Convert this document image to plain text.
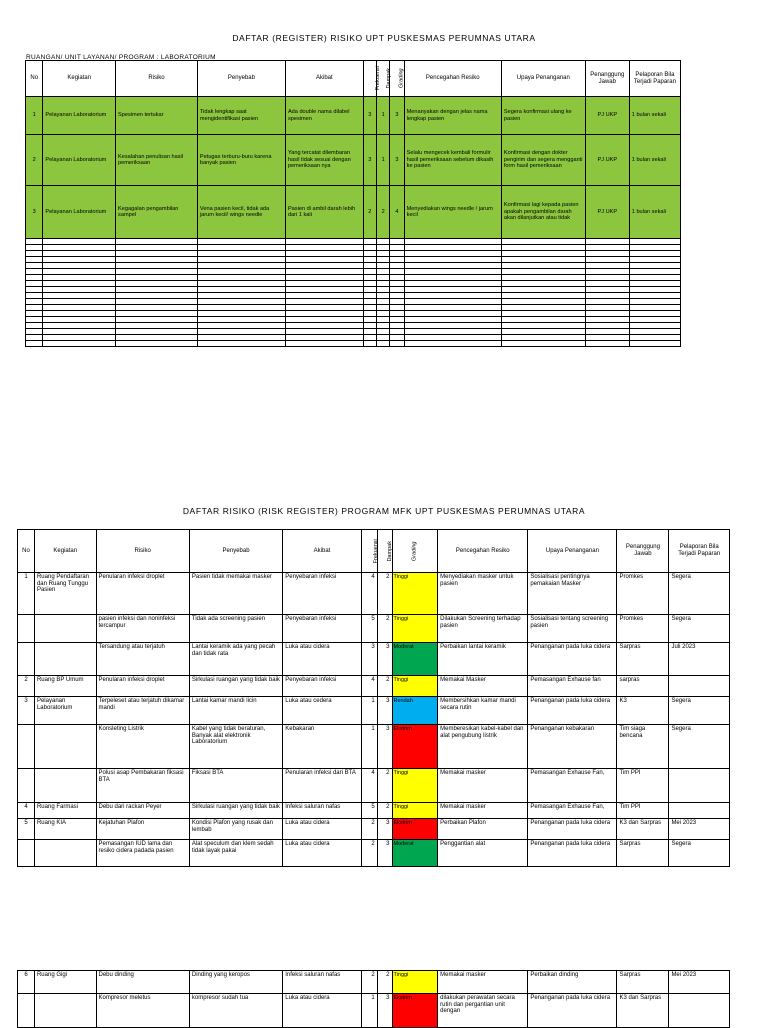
DAFTAR (REGISTER) RISIKO UPT PUSKESMAS PERUMNAS UTARA
RUANGAN/ UNIT LAYANAN/ PROGRAM : LABORATORIUM
No	Kegiatan	Risiko	Penyebab	Akibat	Frekuensi	Dampak	Grading	Pencegahan Resiko	Upaya Penanganan	Penanggung Jawab	Pelaporan Bila Terjadi Paparan
1	Pelayanan Laboratorium	Spesimen tertukar	Tidak lengkap saat mengidentifikasi pasien	Ada double nama dilabel spesimen	3	1	3	Menanyakan dengan jelas nama lengkap pasien	Segera konfirmasi ulang ke pasien	PJ UKP	1 bulan sekali
2	Pelayanan Laboratorium	Kesalahan penulisan hasil pemeriksaan	Petugas terburu-buru karena banyak pasien	Yang tercatat dilembaran hasil tidak sesuai dengan pemeriksaan nya	3	1	3	Selalu mengecek kembali formulir hasil pemeriksaan sebelum dikasih ke pasien	Konfirmasi dengan dokter pengirim dan segera mengganti form hasil pemeriksaan	PJ UKP	1 bulan sekali
3	Pelayanan Laboratorium	Kegagalan pengambilan sampel	Vena pasien kecil, tidak ada jarum kecil/ wings needle	Pasien di ambil darah lebih dari 1 kali	2	2	4	Menyediakan wings needle / jarum kecil	Konfirmasi lagi kepada pasien apakah pengambilan darah akan dilanjutkan atau tidak	PJ UKP	1 bulan sekali

DAFTAR RISIKO (RISK REGISTER) PROGRAM MFK UPT PUSKESMAS PERUMNAS UTARA
No	Kegiatan	Risiko	Penyebab	Akibat	Frekuensi	Dampak	Grading	Pencegahan Resiko	Upaya Penanganan	Penanggung Jawab	Pelaporan Bila Terjadi Paparan
1	Ruang Pendaftaran dan Ruang Tunggu Pasien	Penularan infeksi droplet	Pasien tidak memakai masker	Penyebaran infeksi	4	2	Tinggi	Menyediakan masker untuk pasien	Sosialisasi pentingnya pemakaian Masker	Promkes	Segera
		pasien infeksi dan noninfeksi tercampur	Tidak ada screening pasien	Penyebaran infeksi	5	2	Tinggi	Dilakukan Screening terhadap pasien	Sosialisasi tentang screening pasien	Promkes	Segera
		Tersandung atau terjatuh	Lantai keramik ada yang pecah dan tidak rata	Luka atau cidera	3	3	Moderat	Perbaikan lantai keramik	Penanganan pada luka cidera	Sarpras	Juli 2023
2	Ruang BP Umum	Penularan infeksi droplet	Sirkulasi ruangan yang tidak baik	Penyebaran infeksi	4	2	Tinggi	Memakai Masker	Pemasangan Exhause fan	sarpras	
3	Pelayanan Laboratorium	Terpeleset atau terjatuh dikamar mandi	Lantai kamar mandi licin	Luka atau cedera	1	3	Rendah	Membersihkan kamar mandi secara rutin	Penanganan pada luka cidera	K3	Segera
		Konsleting Listrik	Kabel yang tidak beraturan, Banyak alat elektronik Laboratorium	Kebakaran	1	3	Ekstrim	Memberesikan kabel-kabel dan alat pengubung listrik	Penanganan kebakaran	Tim siaga bencana	Segera
		Polusi asap Pembakaran fiksasi BTA	Fiksasi BTA	Penularan infeksi dari BTA	4	2	Tinggi	Memakai masker	Pemasangan Exhause Fan,	Tim PPI	
4	Ruang Farmasi	Debu dari rackan Peyer	Sirkulasi ruangan yang tidak baik	Infeksi saluran nafas	5	2	Tinggi	Memakai masker	Pemasangan Exhause Fan,	Tim PPI	
5	Ruang KIA	Kejatuhan Plafon	Kondisi Plafon yang rusak dan lembab	Luka atau cidera	2	3	Ekstrim	Perbaikan Plafon	Penanganan pada luka cidera	K3 dan Sarpras	Mei 2023
		Pemasangan IUD lama dan resiko cidera padada pasien	Alat speculum dan klem sedah tidak layak pakai	Luka atau cidera	2	3	Moderat	Penggantian alat	Penanganan pada luka cidera	Sarpras	Segera
6	Ruang Gigi	Debu dinding	Dinding yang keropos	Infeksi saluran nafas	2	2	Tinggi	Memakai masker	Perbaikan dinding	Sarpras	Mei 2023
		Kompresor meletus	kompresor sudah tua	Luka atau cidera	1	3	Ekstrim	dilakukan perawatan secara rutin dan pergantian unit dengan	Penanganan pada luka cidera	K3 dan Sarpras	
